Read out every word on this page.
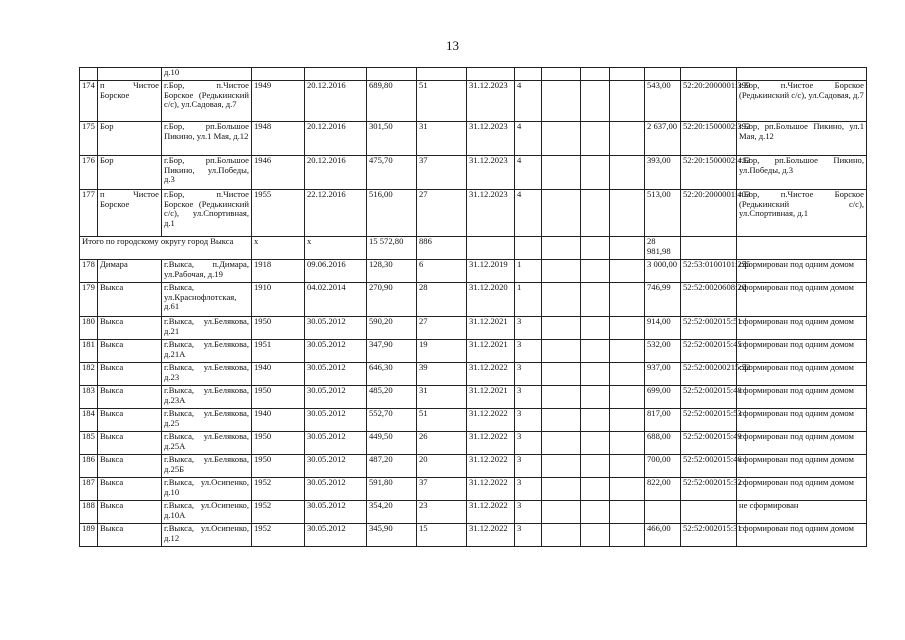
13
		д.10												
174	п Чистое Борское	г.Бор, п.Чистое Борское (Редькинский с/с), ул.Садовая, д.7	1949	20.12.2016	689,80	51	31.12.2023	4				543,00	52:20:2000001:399	г.Бор, п.Чистое Борское (Редькинский с/с), ул.Садовая, д.7
175	Бор	г.Бор, рп.Большое Пикино, ул.1 Мая, д.12	1948	20.12.2016	301,50	31	31.12.2023	4				2 637,00	52:20:1500002:392	г.Бор, рп.Большое Пикино, ул.1 Мая, д.12
176	Бор	г.Бор, рп.Большое Пикино, ул.Победы, д.3	1946	20.12.2016	475,70	37	31.12.2023	4				393,00	52:20:1500002:412	г.Бор, рп.Большое Пикино, ул.Победы, д.3
177	п Чистое Борское	г.Бор, п.Чистое Борское (Редькинский с/с), ул.Спортивная, д.1	1955	22.12.2016	516,00	27	31.12.2023	4				513,00	52:20:2000001:403	г.Бор, п.Чистое Борское (Редькинский с/с), ул.Спортивная, д.1
Итого по городскому округу город Выкса			x	x	15 572,80	886						28 981,98		
178	Димара	г.Выкса, п.Димара, ул.Рабочая, д.19	1918	09.06.2016	128,30	6	31.12.2019	1				3 000,00	52:53:0100101:255	сформирован под одним домом
179	Выкса	г.Выкса, ул.Краснофлотская, д.61	1910	04.02.2014	270,90	28	31.12.2020	1				746,99	52:52:0020608:20	сформирован под одним домом
180	Выкса	г.Выкса, ул.Белякова, д.21	1950	30.05.2012	590,20	27	31.12.2021	3				914,00	52:52:002015:51	сформирован под одним домом
181	Выкса	г.Выкса, ул.Белякова, д.21А	1951	30.05.2012	347,90	19	31.12.2021	3				532,00	52:52:002015:45	сформирован под одним домом
182	Выкса	г.Выкса, ул.Белякова, д.23	1940	30.05.2012	646,30	39	31.12.2022	3				937,00	52:52:00200215:52	сформирован под одним домом
183	Выкса	г.Выкса, ул.Белякова, д.23А	1950	30.05.2012	485,20	31	31.12.2021	3				699,00	52:52:002015:48	сформирован под одним домом
184	Выкса	г.Выкса, ул.Белякова, д.25	1940	30.05.2012	552,70	51	31.12.2022	3				817,00	52:52:002015:53	сформирован под одним домом
185	Выкса	г.Выкса, ул.Белякова, д.25А	1950	30.05.2012	449,50	26	31.12.2022	3				688,00	52:52:002015:49	сформирован под одним домом
186	Выкса	г.Выкса, ул.Белякова, д.25Б	1950	30.05.2012	487,20	20	31.12.2022	3				700,00	52:52:002015:46	сформирован под одним домом
187	Выкса	г.Выкса, ул.Осипенко, д.10	1952	30.05.2012	591,80	37	31.12.2022	3				822,00	52:52:002015:32	сформирован под одним домом
188	Выкса	г.Выкса, ул.Осипенко, д.10А	1952	30.05.2012	354,20	23	31.12.2022	3						не сформирован
189	Выкса	г.Выкса, ул.Осипенко, д.12	1952	30.05.2012	345,90	15	31.12.2022	3				466,00	52:52:002015:31	сформирован под одним домом
